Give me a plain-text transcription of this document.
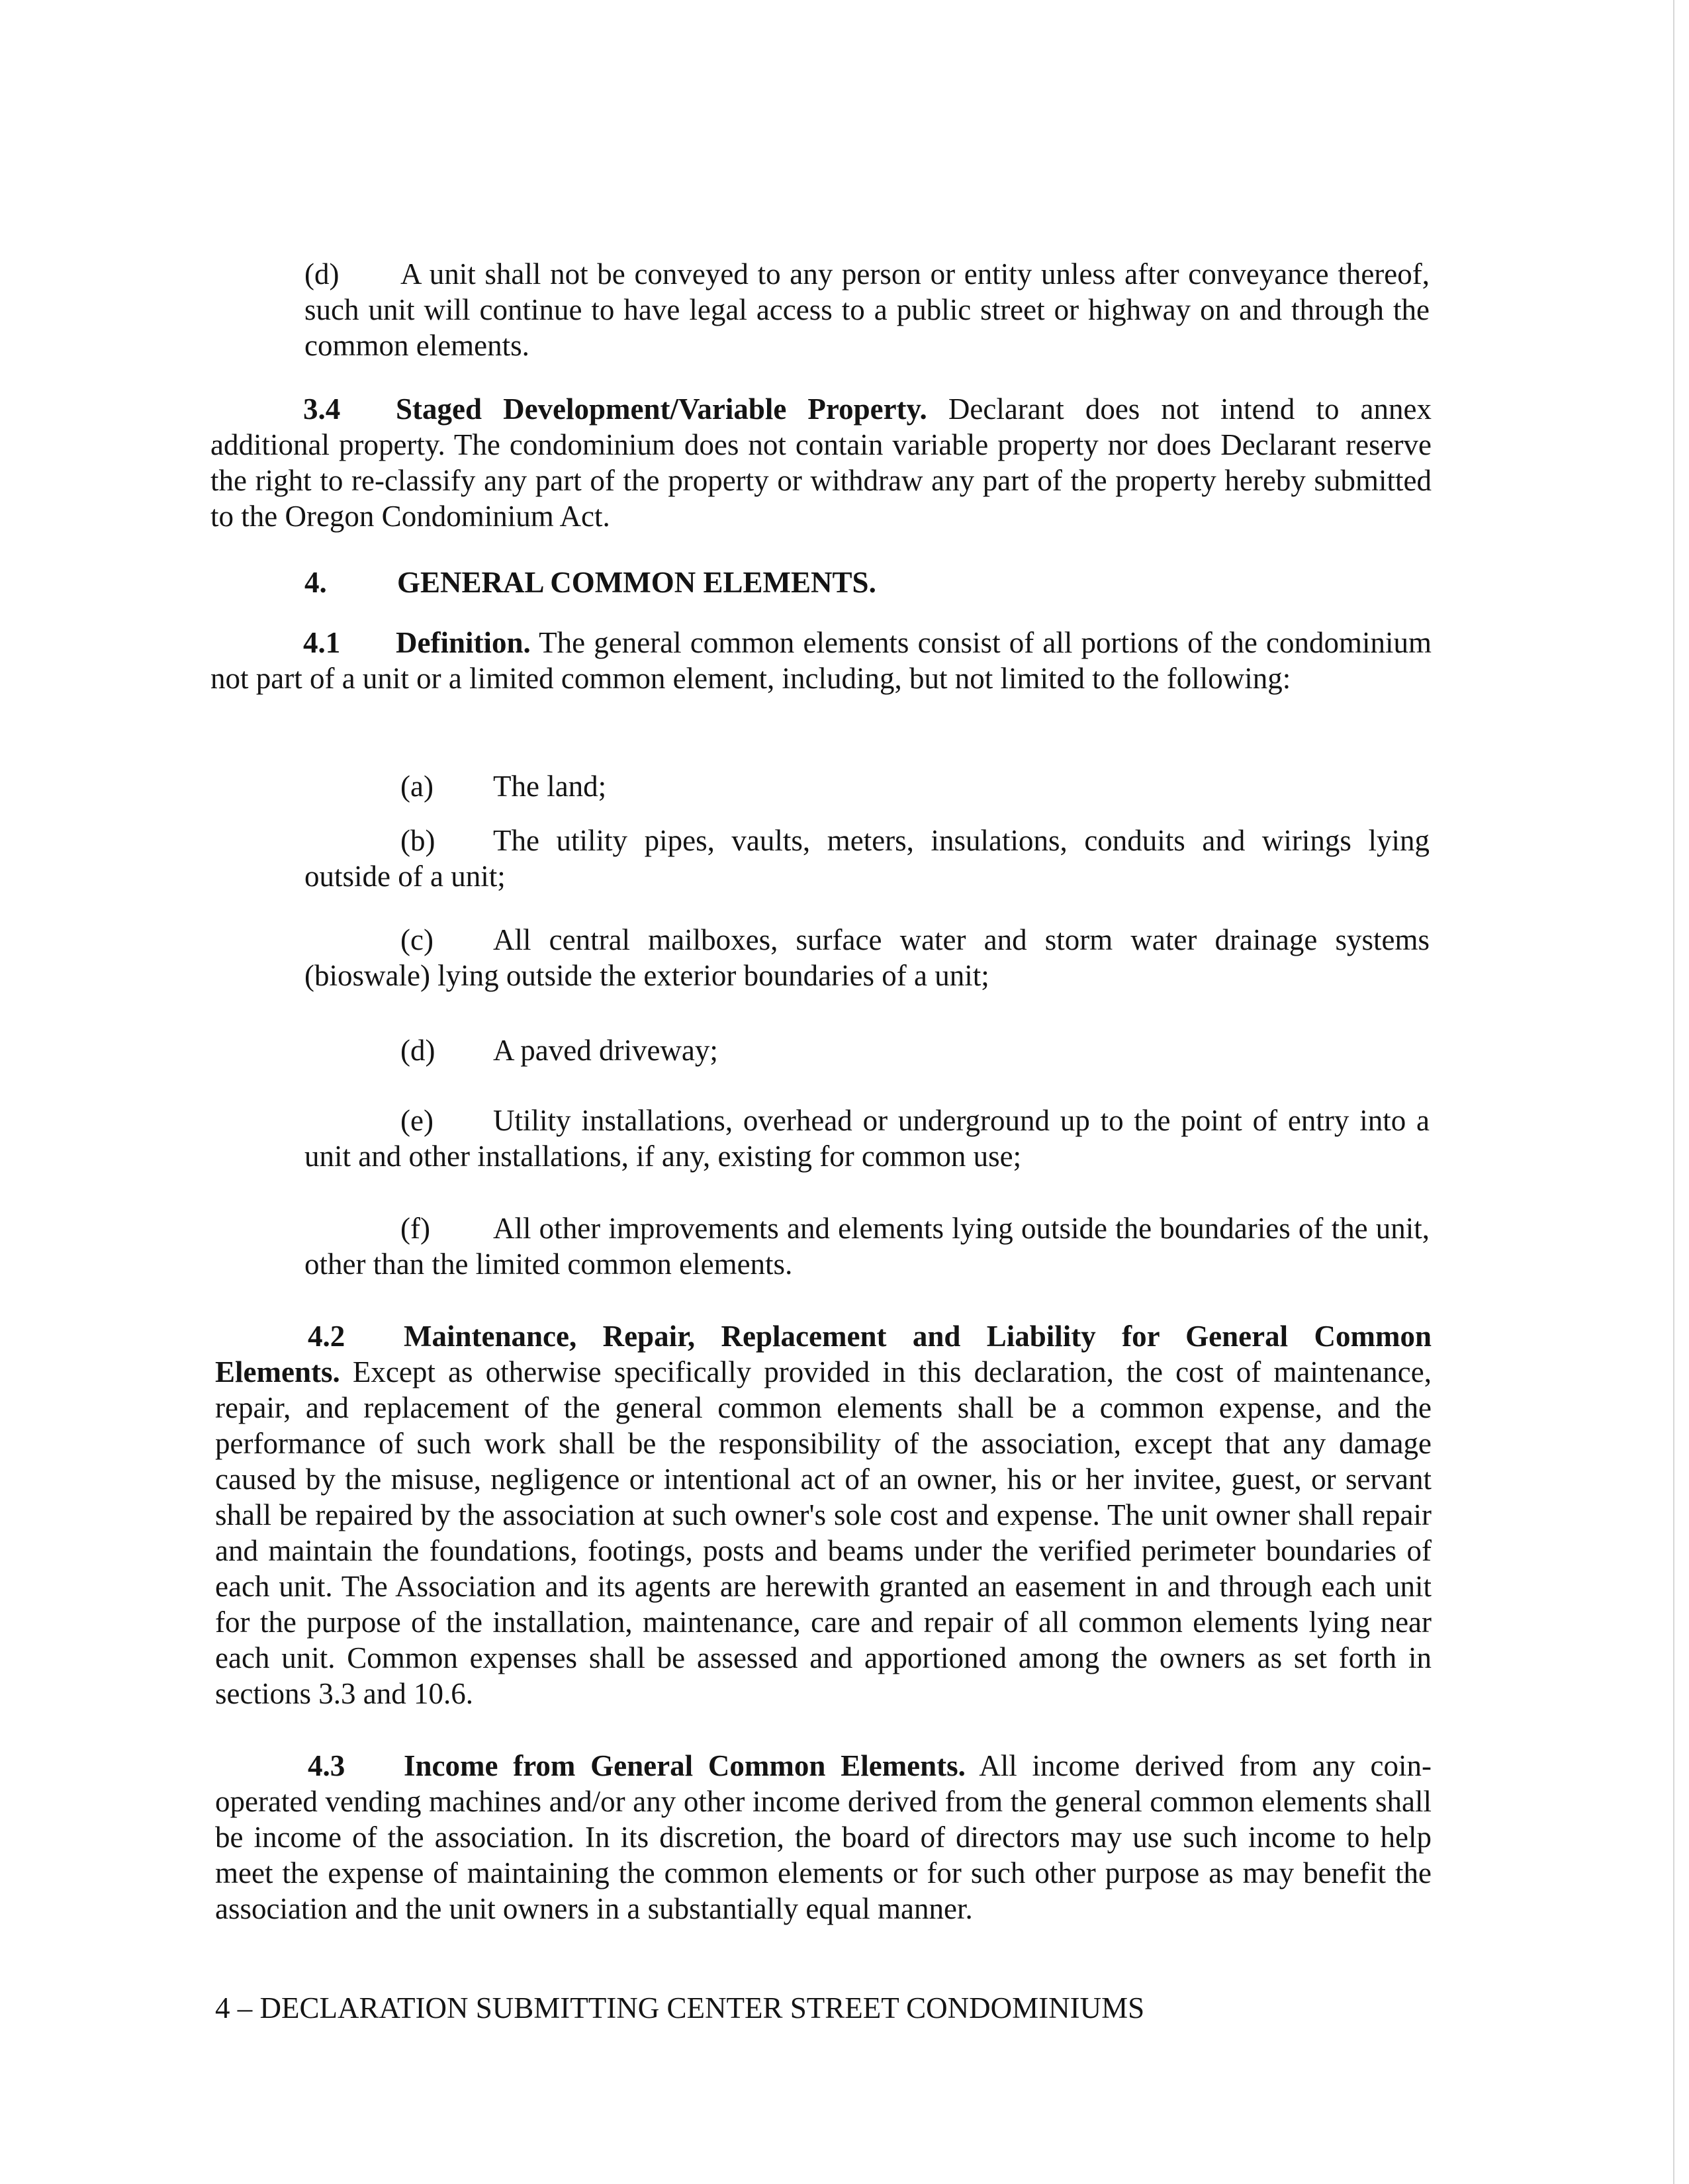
(d) A unit shall not be conveyed to any person or entity unless after conveyance thereof, such unit will continue to have legal access to a public street or highway on and through the common elements.

3.4 Staged Development/Variable Property. Declarant does not intend to annex additional property. The condominium does not contain variable property nor does Declarant reserve the right to re-classify any part of the property or withdraw any part of the property hereby submitted to the Oregon Condominium Act.

4. GENERAL COMMON ELEMENTS.

4.1 Definition. The general common elements consist of all portions of the condominium not part of a unit or a limited common element, including, but not limited to the following:

(a) The land;

(b) The utility pipes, vaults, meters, insulations, conduits and wirings lying outside of a unit;

(c) All central mailboxes, surface water and storm water drainage systems (bioswale) lying outside the exterior boundaries of a unit;

(d) A paved driveway;

(e) Utility installations, overhead or underground up to the point of entry into a unit and other installations, if any, existing for common use;

(f) All other improvements and elements lying outside the boundaries of the unit, other than the limited common elements.

4.2 Maintenance, Repair, Replacement and Liability for General Common Elements. Except as otherwise specifically provided in this declaration, the cost of maintenance, repair, and replacement of the general common elements shall be a common expense, and the performance of such work shall be the responsibility of the association, except that any damage caused by the misuse, negligence or intentional act of an owner, his or her invitee, guest, or servant shall be repaired by the association at such owner's sole cost and expense. The unit owner shall repair and maintain the foundations, footings, posts and beams under the verified perimeter boundaries of each unit. The Association and its agents are herewith granted an easement in and through each unit for the purpose of the installation, maintenance, care and repair of all common elements lying near each unit. Common expenses shall be assessed and apportioned among the owners as set forth in sections 3.3 and 10.6.

4.3 Income from General Common Elements. All income derived from any coin-operated vending machines and/or any other income derived from the general common elements shall be income of the association. In its discretion, the board of directors may use such income to help meet the expense of maintaining the common elements or for such other purpose as may benefit the association and the unit owners in a substantially equal manner.

4 – DECLARATION SUBMITTING CENTER STREET CONDOMINIUMS
